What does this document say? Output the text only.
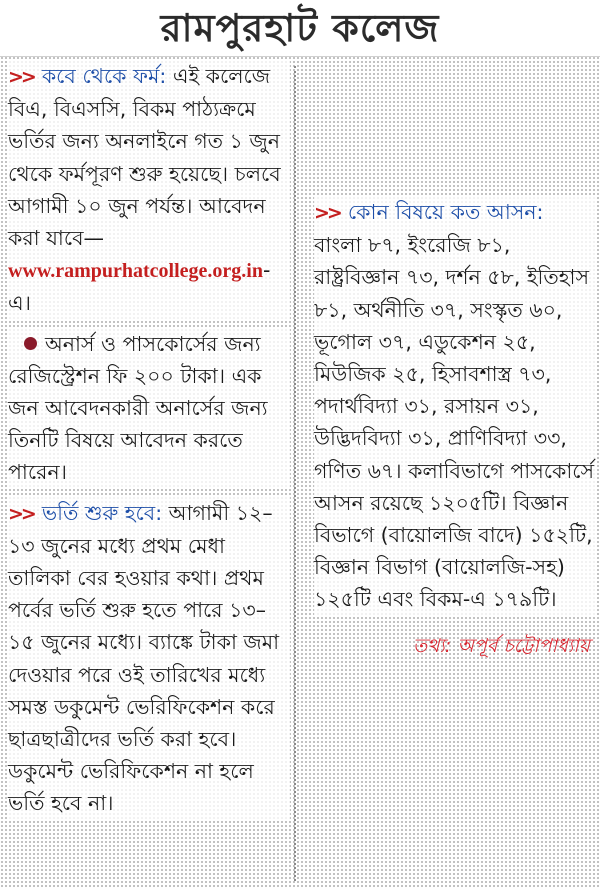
রামপুরহাট কলেজ

>> কবে থেকে ফর্ম: এই কলেজে বিএ, বিএসসি, বিকম পাঠ্যক্রমে ভর্তির জন্য অনলাইনে গত ১ জুন থেকে ফর্মপূরণ শুরু হয়েছে। চলবে আগামী ১০ জুন পর্যন্ত। আবেদন করা যাবে— www.rampurhatcollege.org.in-এ।

অনার্স ও পাসকোর্সের জন্য রেজিস্ট্রেশন ফি ২০০ টাকা। এক জন আবেদনকারী অনার্সের জন্য তিনটি বিষয়ে আবেদন করতে পারেন।

>> ভর্তি শুরু হবে: আগামী ১২–১৩ জুনের মধ্যে প্রথম মেধা তালিকা বের হওয়ার কথা। প্রথম পর্বের ভর্তি শুরু হতে পারে ১৩–১৫ জুনের মধ্যে। ব্যাঙ্কে টাকা জমা দেওয়ার পরে ওই তারিখের মধ্যে সমস্ত ডকুমেন্ট ভেরিফিকেশন করে ছাত্রছাত্রীদের ভর্তি করা হবে। ডকুমেন্ট ভেরিফিকেশন না হলে ভর্তি হবে না।

>> কোন বিষয়ে কত আসন: বাংলা ৮৭, ইংরেজি ৮১, রাষ্ট্রবিজ্ঞান ৭৩, দর্শন ৫৮, ইতিহাস ৮১, অর্থনীতি ৩৭, সংস্কৃত ৬০, ভূগোল ৩৭, এডুকেশন ২৫, মিউজিক ২৫, হিসাবশাস্ত্র ৭৩, পদার্থবিদ্যা ৩১, রসায়ন ৩১, উদ্ভিদবিদ্যা ৩১, প্রাণিবিদ্যা ৩৩, গণিত ৬৭। কলাবিভাগে পাসকোর্সে আসন রয়েছে ১২০৫টি। বিজ্ঞান বিভাগে (বায়োলজি বাদে) ১৫২টি, বিজ্ঞান বিভাগ (বায়োলজি-সহ) ১২৫টি এবং বিকম-এ ১৭৯টি।

তথ্য: অপূর্ব চট্টোপাধ্যায়
